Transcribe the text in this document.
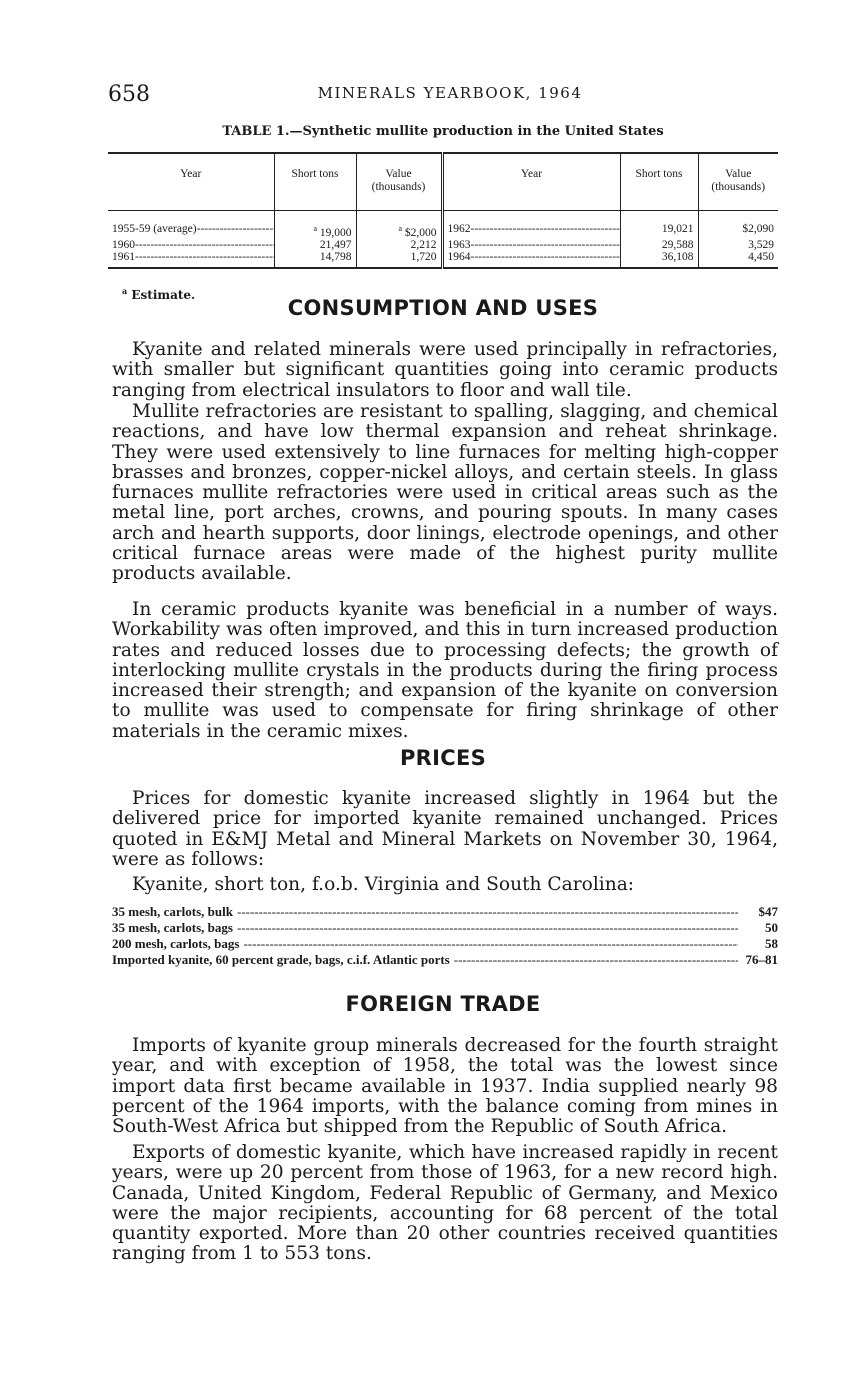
658	MINERALS YEARBOOK, 1964
TABLE 1.—Synthetic mullite production in the United States
Year	Short tons	Value (thousands)	Year	Short tons	Value (thousands)
1955-59 (average) -----	$^a$ 19,000	$^a$ $2,000	1962 -----	19,021	$2,090
1960 -----	21,497	2,212	1963 -----	29,588	3,529
1961 -----	14,798	1,720	1964 -----	36,108	4,450
$^a$ Estimate.
CONSUMPTION AND USES

Kyanite and related minerals were used principally in refractories, with smaller but significant quantities going into ceramic products ranging from electrical insulators to floor and wall tile.

Mullite refractories are resistant to spalling, slagging, and chemical reactions, and have low thermal expansion and reheat shrinkage. They were used extensively to line furnaces for melting high-copper brasses and bronzes, copper-nickel alloys, and certain steels. In glass furnaces mullite refractories were used in critical areas such as the metal line, port arches, crowns, and pouring spouts. In many cases arch and hearth supports, door linings, electrode openings, and other critical furnace areas were made of the highest purity mullite products available.

In ceramic products kyanite was beneficial in a number of ways. Workability was often improved, and this in turn increased production rates and reduced losses due to processing defects; the growth of interlocking mullite crystals in the products during the firing process increased their strength; and expansion of the kyanite on conversion to mullite was used to compensate for firing shrinkage of other materials in the ceramic mixes.

PRICES

Prices for domestic kyanite increased slightly in 1964 but the delivered price for imported kyanite remained unchanged. Prices quoted in E&MJ Metal and Mineral Markets on November 30, 1964, were as follows:

Kyanite, short ton, f.o.b. Virginia and South Carolina:

35 mesh, carlots, bulk -----	$47
35 mesh, carlots, bags -----	50
200 mesh, carlots, bags -----	58
Imported kyanite, 60 percent grade, bags, c.i.f. Atlantic ports -----	76–81
FOREIGN TRADE

Imports of kyanite group minerals decreased for the fourth straight year, and with exception of 1958, the total was the lowest since import data first became available in 1937. India supplied nearly 98 percent of the 1964 imports, with the balance coming from mines in South-West Africa but shipped from the Republic of South Africa.

Exports of domestic kyanite, which have increased rapidly in recent years, were up 20 percent from those of 1963, for a new record high. Canada, United Kingdom, Federal Republic of Germany, and Mexico were the major recipients, accounting for 68 percent of the total quantity exported. More than 20 other countries received quantities ranging from 1 to 553 tons.
